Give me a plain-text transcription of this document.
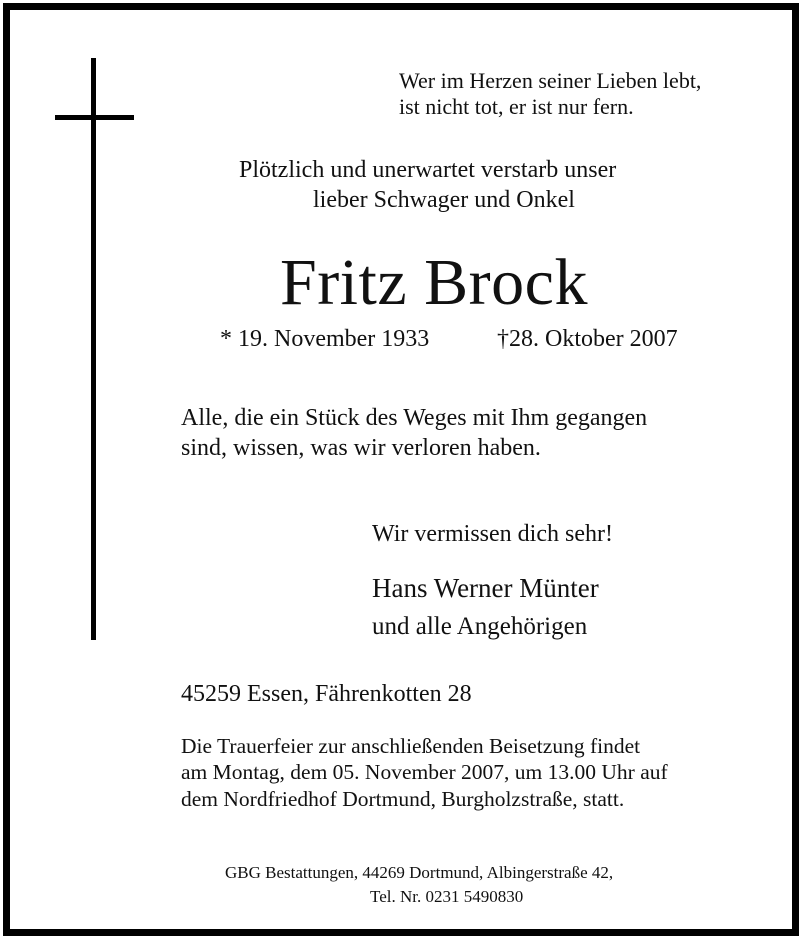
Wer im Herzen seiner Lieben lebt,
ist nicht tot, er ist nur fern.
Plötzlich und unerwartet verstarb unser
lieber Schwager und Onkel
Fritz Brock
* 19. November 1933	†28. Oktober 2007
Alle, die ein Stück des Weges mit Ihm gegangen
sind, wissen, was wir verloren haben.
Wir vermissen dich sehr!
Hans Werner Münter
und alle Angehörigen
45259 Essen, Fährenkotten 28
Die Trauerfeier zur anschließenden Beisetzung findet
am Montag, dem 05. November 2007, um 13.00 Uhr auf
dem Nordfriedhof Dortmund, Burgholzstraße, statt.
GBG Bestattungen, 44269 Dortmund, Albingerstraße 42,
Tel. Nr. 0231 5490830
